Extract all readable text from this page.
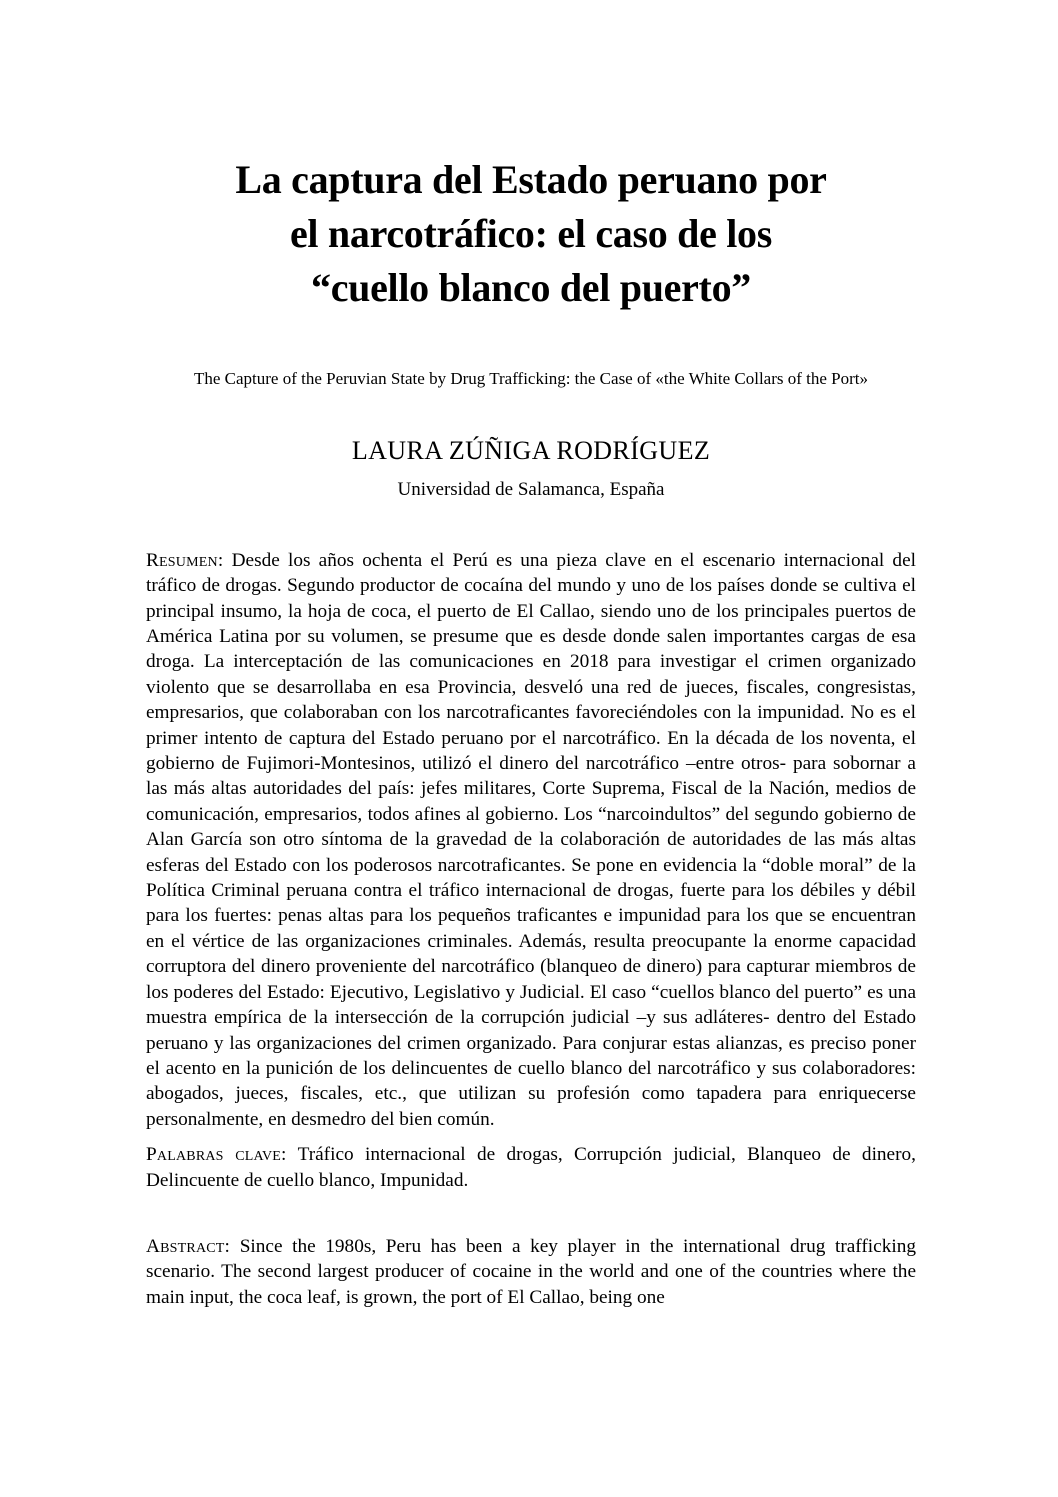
La captura del Estado peruano por
el narcotráfico: el caso de los
“cuello blanco del puerto”
The Capture of the Peruvian State by Drug Trafficking: the Case of «the White Collars of the Port»
LAURA ZÚÑIGA RODRÍGUEZ
Universidad de Salamanca, España

Resumen: Desde los años ochenta el Perú es una pieza clave en el escenario internacional del tráfico de drogas. Segundo productor de cocaína del mundo y uno de los países donde se cultiva el principal insumo, la hoja de coca, el puerto de El Callao, siendo uno de los principales puertos de América Latina por su volumen, se presume que es desde donde salen importantes cargas de esa droga. La interceptación de las comunicaciones en 2018 para investigar el crimen organizado violento que se desarrollaba en esa Provincia, desveló una red de jueces, fiscales, congresistas, empresarios, que colaboraban con los narcotraficantes favoreciéndoles con la impunidad. No es el primer intento de captura del Estado peruano por el narcotráfico. En la década de los noventa, el gobierno de Fujimori-Montesinos, utilizó el dinero del narcotráfico –entre otros- para sobornar a las más altas autoridades del país: jefes militares, Corte Suprema, Fiscal de la Nación, medios de comunicación, empresarios, todos afines al gobierno. Los “narcoindultos” del segundo gobierno de Alan García son otro síntoma de la gravedad de la colaboración de autoridades de las más altas esferas del Estado con los poderosos narcotraficantes. Se pone en evidencia la “doble moral” de la Política Criminal peruana contra el tráfico internacional de drogas, fuerte para los débiles y débil para los fuertes: penas altas para los pequeños traficantes e impunidad para los que se encuentran en el vértice de las organizaciones criminales. Además, resulta preocupante la enorme capacidad corruptora del dinero proveniente del narcotráfico (blanqueo de dinero) para capturar miembros de los poderes del Estado: Ejecutivo, Legislativo y Judicial. El caso “cuellos blanco del puerto” es una muestra empírica de la intersección de la corrupción judicial –y sus adláteres- dentro del Estado peruano y las organizaciones del crimen organizado. Para conjurar estas alianzas, es preciso poner el acento en la punición de los delincuentes de cuello blanco del narcotráfico y sus colaboradores: abogados, jueces, fiscales, etc., que utilizan su profesión como tapadera para enriquecerse personalmente, en desmedro del bien común.

Palabras clave: Tráfico internacional de drogas, Corrupción judicial, Blanqueo de dinero, Delincuente de cuello blanco, Impunidad.

Abstract: Since the 1980s, Peru has been a key player in the international drug trafficking scenario. The second largest producer of cocaine in the world and one of the countries where the main input, the coca leaf, is grown, the port of El Callao, being one
